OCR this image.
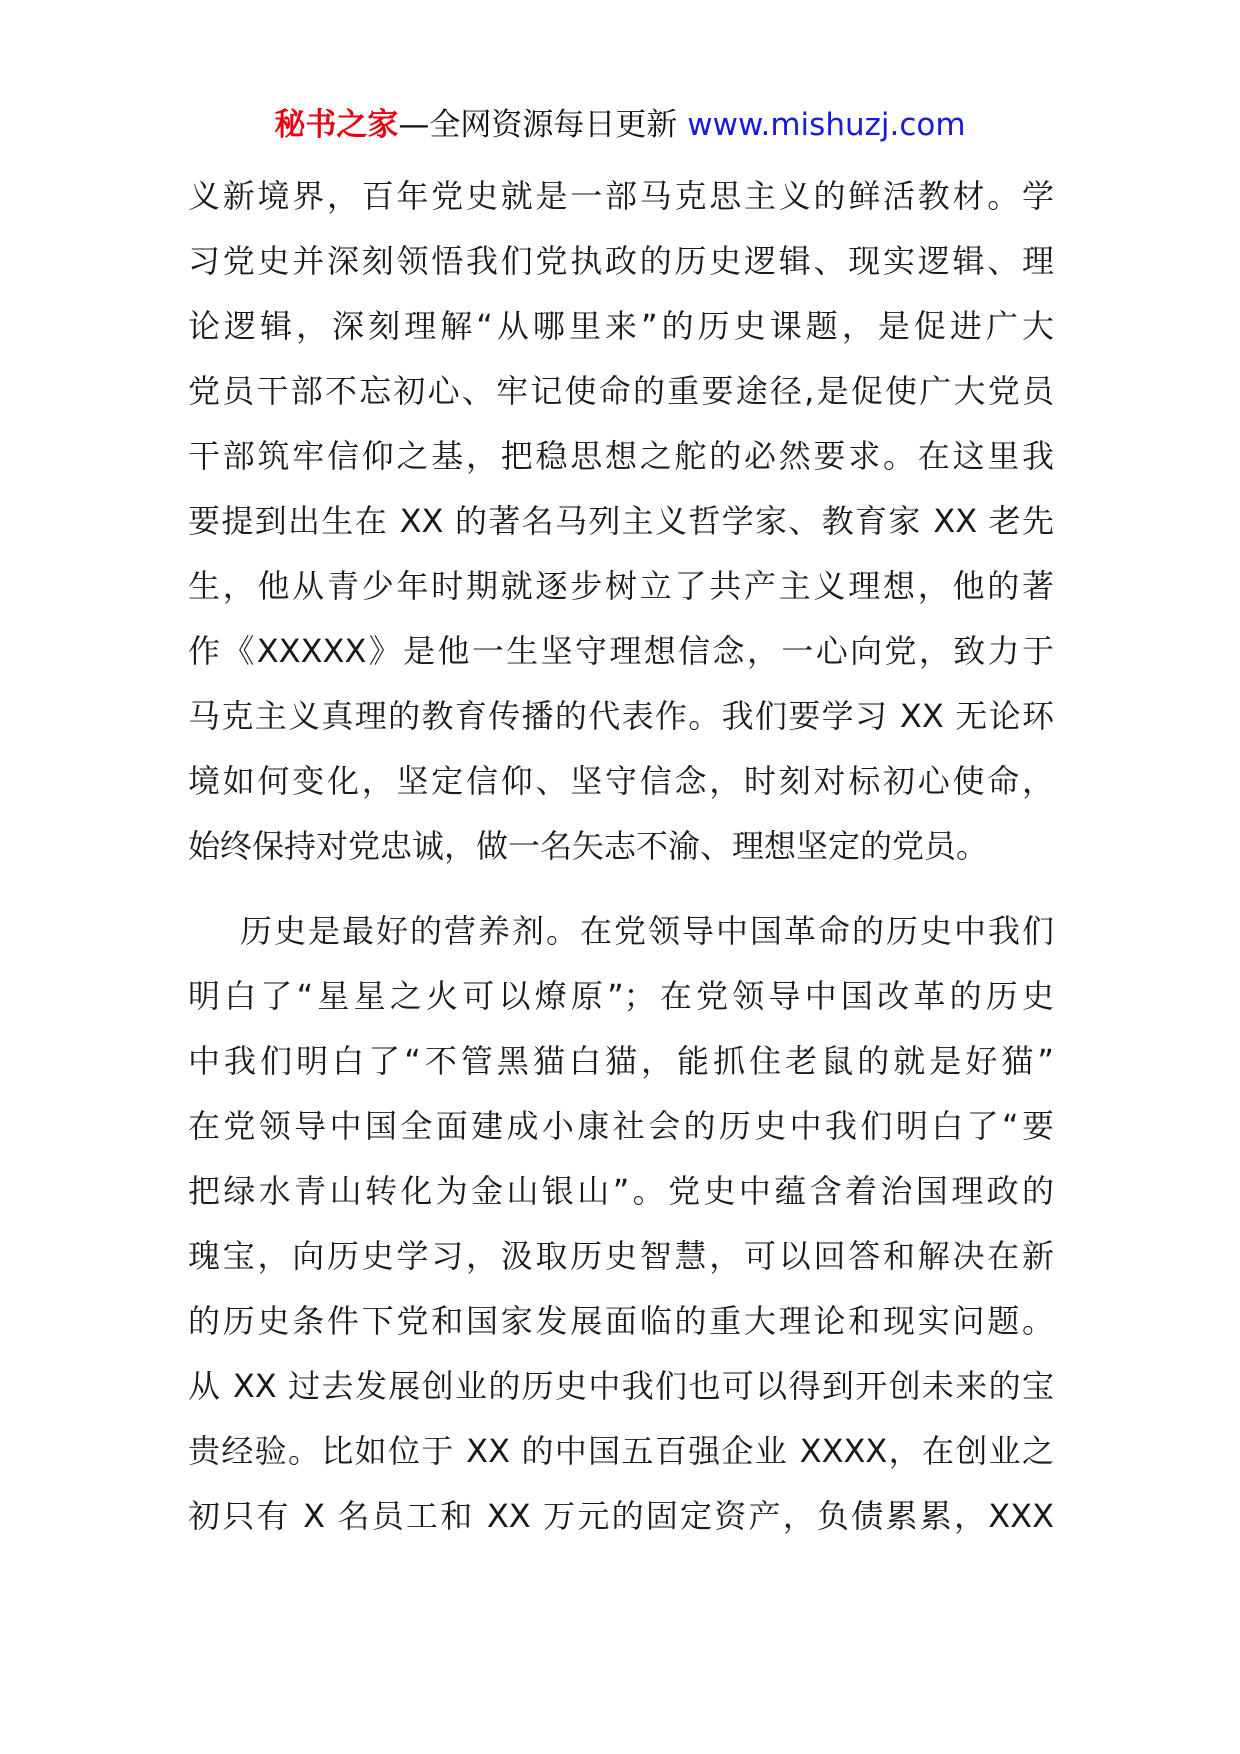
秘书之家—全网资源每日更新 www.mishuzj.com
义新境界，百年党史就是一部马克思主义的鲜活教材。学
习党史并深刻领悟我们党执政的历史逻辑、现实逻辑、理
论逻辑，深刻理解“从哪里来”的历史课题，是促进广大
党员干部不忘初心、牢记使命的重要途径,是促使广大党员
干部筑牢信仰之基，把稳思想之舵的必然要求。在这里我
要提到出生在 XX 的著名马列主义哲学家、教育家 XX 老先
生，他从青少年时期就逐步树立了共产主义理想，他的著
作《XXXXX》是他一生坚守理想信念，一心向党，致力于
马克主义真理的教育传播的代表作。我们要学习 XX 无论环
境如何变化，坚定信仰、坚守信念，时刻对标初心使命，
始终保持对党忠诚，做一名矢志不渝、理想坚定的党员。
历史是最好的营养剂。在党领导中国革命的历史中我们
明白了“星星之火可以燎原”；在党领导中国改革的历史
中我们明白了“不管黑猫白猫，能抓住老鼠的就是好猫”
在党领导中国全面建成小康社会的历史中我们明白了“要
把绿水青山转化为金山银山”。党史中蕴含着治国理政的
瑰宝，向历史学习，汲取历史智慧，可以回答和解决在新
的历史条件下党和国家发展面临的重大理论和现实问题。
从 XX 过去发展创业的历史中我们也可以得到开创未来的宝
贵经验。比如位于 XX 的中国五百强企业 XXXX，在创业之
初只有 X 名员工和 XX 万元的固定资产，负债累累，XXX
